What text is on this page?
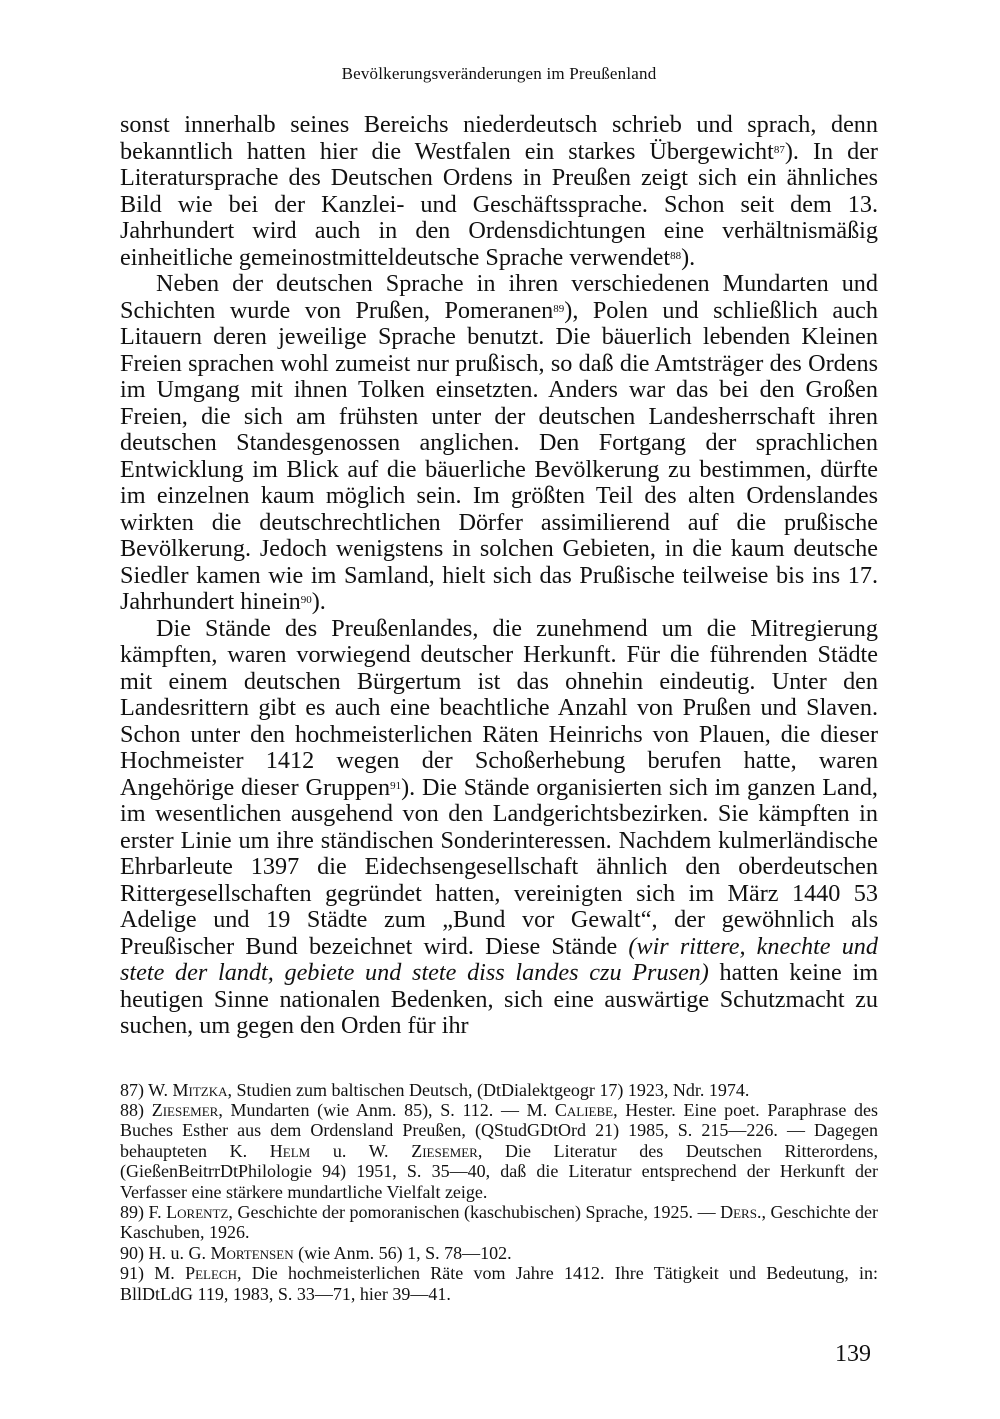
Bevölkerungsveränderungen im Preußenland

sonst innerhalb seines Bereichs niederdeutsch schrieb und sprach, denn bekanntlich hatten hier die Westfalen ein starkes Übergewicht$^{87}$). In der Literatursprache des Deutschen Ordens in Preußen zeigt sich ein ähnliches Bild wie bei der Kanzlei- und Geschäftssprache. Schon seit dem 13. Jahrhundert wird auch in den Ordensdichtungen eine verhältnismäßig einheitliche gemeinostmitteldeutsche Sprache verwendet$^{88}$).

Neben der deutschen Sprache in ihren verschiedenen Mundarten und Schichten wurde von Prußen, Pomeranen$^{89}$), Polen und schließlich auch Litauern deren jeweilige Sprache benutzt. Die bäuerlich lebenden Kleinen Freien sprachen wohl zumeist nur prußisch, so daß die Amtsträger des Ordens im Umgang mit ihnen Tolken einsetzten. Anders war das bei den Großen Freien, die sich am frühsten unter der deutschen Landesherrschaft ihren deutschen Standesgenossen anglichen. Den Fortgang der sprachlichen Entwicklung im Blick auf die bäuerliche Bevölkerung zu bestimmen, dürfte im einzelnen kaum möglich sein. Im größten Teil des alten Ordenslandes wirkten die deutschrechtlichen Dörfer assimilierend auf die prußische Bevölkerung. Jedoch wenigstens in solchen Gebieten, in die kaum deutsche Siedler kamen wie im Samland, hielt sich das Prußische teilweise bis ins 17. Jahrhundert hinein$^{90}$).

Die Stände des Preußenlandes, die zunehmend um die Mitregierung kämpften, waren vorwiegend deutscher Herkunft. Für die führenden Städte mit einem deutschen Bürgertum ist das ohnehin eindeutig. Unter den Landesrittern gibt es auch eine beachtliche Anzahl von Prußen und Slaven. Schon unter den hochmeisterlichen Räten Heinrichs von Plauen, die dieser Hochmeister 1412 wegen der Schoßerhebung berufen hatte, waren Angehörige dieser Gruppen$^{91}$). Die Stände organisierten sich im ganzen Land, im wesentlichen ausgehend von den Landgerichtsbezirken. Sie kämpften in erster Linie um ihre ständischen Sonderinteressen. Nachdem kulmerländische Ehrbarleute 1397 die Eidechsengesellschaft ähnlich den oberdeutschen Rittergesellschaften gegründet hatten, vereinigten sich im März 1440 53 Adelige und 19 Städte zum „Bund vor Gewalt“, der gewöhnlich als Preußischer Bund bezeichnet wird. Diese Stände (wir rittere, knechte und stete der landt, gebiete und stete diss landes czu Prusen) hatten keine im heutigen Sinne nationalen Bedenken, sich eine auswärtige Schutzmacht zu suchen, um gegen den Orden für ihr

87) W. Mitzka, Studien zum baltischen Deutsch, (DtDialektgeogr 17) 1923, Ndr. 1974.

88) Ziesemer, Mundarten (wie Anm. 85), S. 112. — M. Caliebe, Hester. Eine poet. Paraphrase des Buches Esther aus dem Ordensland Preußen, (QStudGDtOrd 21) 1985, S. 215—226. — Dagegen behaupteten K. Helm u. W. Ziesemer, Die Literatur des Deutschen Ritterordens, (GießenBeitrrDtPhilologie 94) 1951, S. 35—40, daß die Literatur entsprechend der Herkunft der Verfasser eine stärkere mundartliche Vielfalt zeige.

89) F. Lorentz, Geschichte der pomoranischen (kaschubischen) Sprache, 1925. — Ders., Geschichte der Kaschuben, 1926.

90) H. u. G. Mortensen (wie Anm. 56) 1, S. 78—102.

91) M. Pelech, Die hochmeisterlichen Räte vom Jahre 1412. Ihre Tätigkeit und Bedeutung, in: BllDtLdG 119, 1983, S. 33—71, hier 39—41.

139
